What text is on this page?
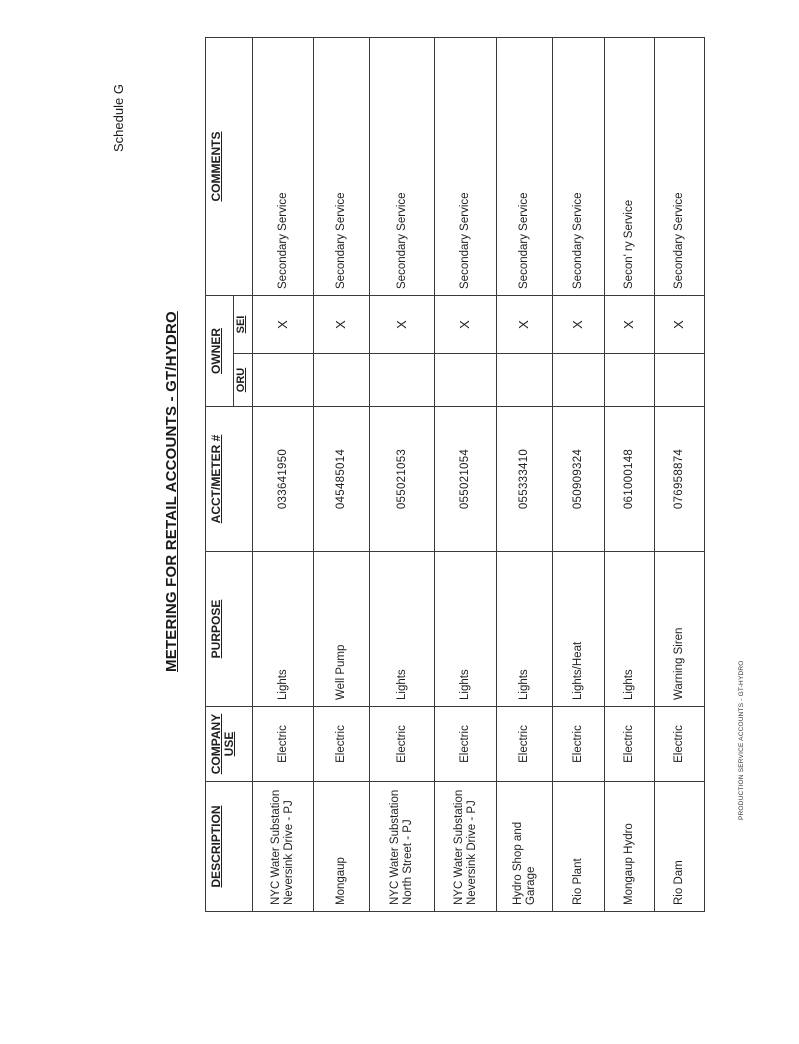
Schedule G
METERING FOR RETAIL ACCOUNTS - GT/HYDRO
PRODUCTION SERVICE ACCOUNTS - GT-HYDRO
DESCRIPTION	COMPANY USE	PURPOSE	ACCT/METER #	OWNER		COMMENTS
				ORU	SEI	
NYC Water Substation Neversink Drive - PJ	Electric	Lights	033641950		X	Secondary Service
Mongaup	Electric	Well Pump	045485014		X	Secondary Service
NYC Water Substation North Street - PJ	Electric	Lights	055021053		X	Secondary Service
NYC Water Substation Neversink Drive - PJ	Electric	Lights	055021054		X	Secondary Service
Hydro Shop and Garage	Electric	Lights	055333410		X	Secondary Service
Rio Plant	Electric	Lights/Heat	050909324		X	Secondary Service
Mongaup Hydro	Electric	Lights	061000148		X	Secon' ry Service
Rio Dam	Electric	Warning Siren	076958874		X	Secondary Service
